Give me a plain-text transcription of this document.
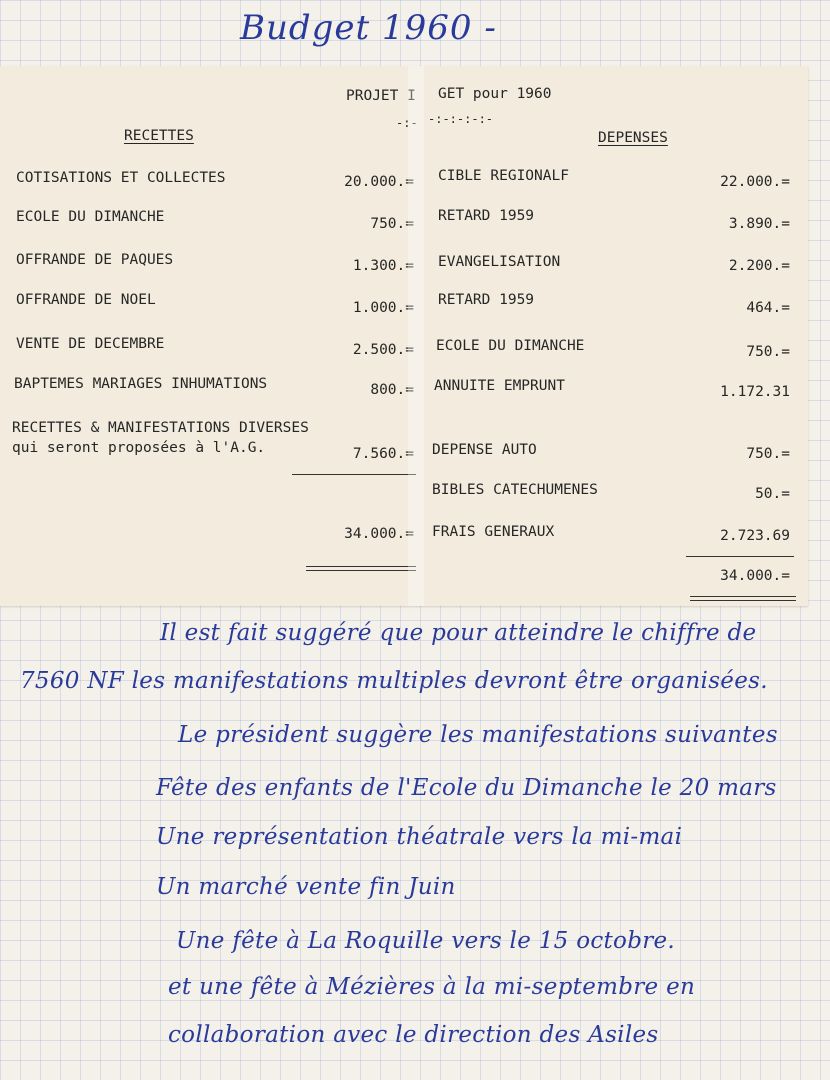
Budget 1960 -
PROJET I GET pour 1960
-:- -:-:-:-:-
RECETTES	DEPENSES
COTISATIONS ET COLLECTES	20.000.=
ECOLE DU DIMANCHE	750.=
OFFRANDE DE PAQUES	1.300.=
OFFRANDE DE NOEL	1.000.=
VENTE DE DECEMBRE	2.500.=
BAPTEMES MARIAGES INHUMATIONS	800.=
RECETTES & MANIFESTATIONS DIVERSES
qui seront proposées à l'A.G.	7.560.=
34.000.=
CIBLE REGIONALF	22.000.=
RETARD 1959	3.890.=
EVANGELISATION	2.200.=
RETARD 1959	464.=
ECOLE DU DIMANCHE	750.=
ANNUITE EMPRUNT	1.172.31
DEPENSE AUTO	750.=
BIBLES CATECHUMENES	50.=
FRAIS GENERAUX	2.723.69
34.000.=
Il est fait suggéré que pour atteindre le chiffre de
7560 NF les manifestations multiples devront être organisées.
Le président suggère les manifestations suivantes
Fête des enfants de l'Ecole du Dimanche le 20 mars
Une représentation théatrale vers la mi-mai
Un marché vente fin Juin
Une fête à La Roquille vers le 15 octobre.
et une fête à Mézières à la mi-septembre en
collaboration avec le direction des Asiles
